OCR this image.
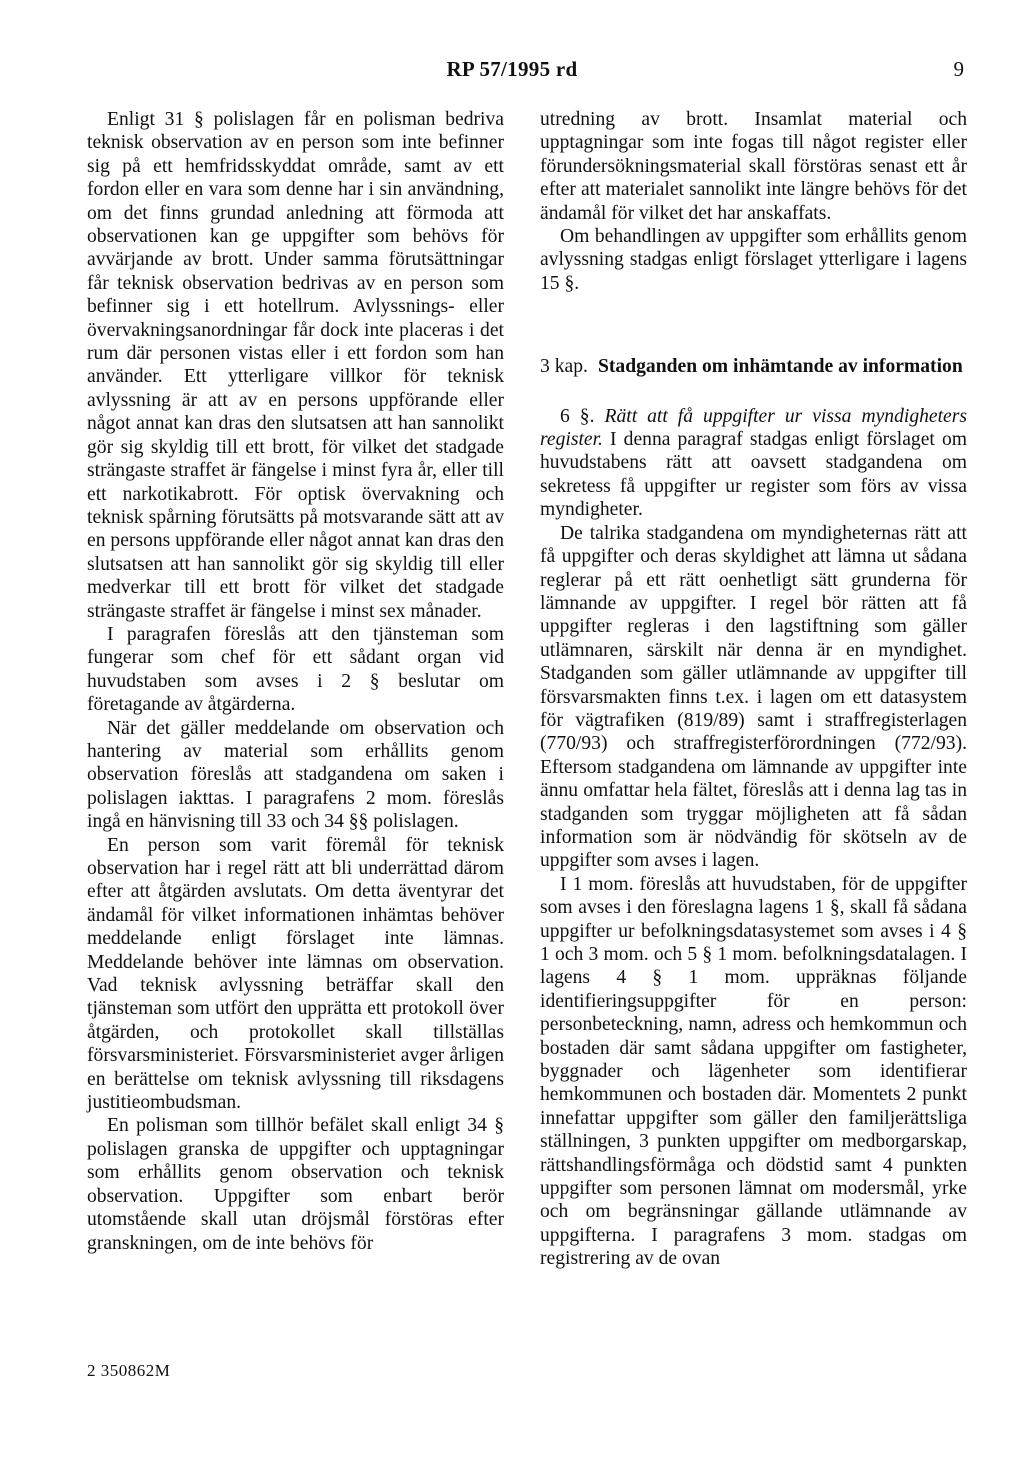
RP 57/1995 rd	9

Enligt 31 § polislagen får en polisman bedriva teknisk observation av en person som inte befinner sig på ett hemfridsskyddat område, samt av ett fordon eller en vara som denne har i sin användning, om det finns grundad anledning att förmoda att observationen kan ge uppgifter som behövs för avvärjande av brott. Under samma förutsättningar får teknisk observation bedrivas av en person som befinner sig i ett hotellrum. Avlyssnings- eller övervakningsanordningar får dock inte placeras i det rum där personen vistas eller i ett fordon som han använder. Ett ytterligare villkor för teknisk avlyssning är att av en persons uppförande eller något annat kan dras den slutsatsen att han sannolikt gör sig skyldig till ett brott, för vilket det stadgade strängaste straffet är fängelse i minst fyra år, eller till ett narkotikabrott. För optisk övervakning och teknisk spårning förutsätts på motsvarande sätt att av en persons uppförande eller något annat kan dras den slutsatsen att han sannolikt gör sig skyldig till eller medverkar till ett brott för vilket det stadgade strängaste straffet är fängelse i minst sex månader.

I paragrafen föreslås att den tjänsteman som fungerar som chef för ett sådant organ vid huvudstaben som avses i 2 § beslutar om företagande av åtgärderna.

När det gäller meddelande om observation och hantering av material som erhållits genom observation föreslås att stadgandena om saken i polislagen iakttas. I paragrafens 2 mom. föreslås ingå en hänvisning till 33 och 34 §§ polislagen.

En person som varit föremål för teknisk observation har i regel rätt att bli underrättad därom efter att åtgärden avslutats. Om detta äventyrar det ändamål för vilket informationen inhämtas behöver meddelande enligt förslaget inte lämnas. Meddelande behöver inte lämnas om observation. Vad teknisk avlyssning beträffar skall den tjänsteman som utfört den upprätta ett protokoll över åtgärden, och protokollet skall tillställas försvarsministeriet. Försvarsministeriet avger årligen en berättelse om teknisk avlyssning till riksdagens justitieombudsman.

En polisman som tillhör befälet skall enligt 34 § polislagen granska de uppgifter och upptagningar som erhållits genom observation och teknisk observation. Uppgifter som enbart berör utomstående skall utan dröjsmål förstöras efter granskningen, om de inte behövs för

utredning av brott. Insamlat material och upptagningar som inte fogas till något register eller förundersökningsmaterial skall förstöras senast ett år efter att materialet sannolikt inte längre behövs för det ändamål för vilket det har anskaffats.

Om behandlingen av uppgifter som erhållits genom avlyssning stadgas enligt förslaget ytterligare i lagens 15 §.

3 kap. Stadganden om inhämtande av information

6 §. Rätt att få uppgifter ur vissa myndigheters register. I denna paragraf stadgas enligt förslaget om huvudstabens rätt att oavsett stadgandena om sekretess få uppgifter ur register som förs av vissa myndigheter.

De talrika stadgandena om myndigheternas rätt att få uppgifter och deras skyldighet att lämna ut sådana reglerar på ett rätt oenhetligt sätt grunderna för lämnande av uppgifter. I regel bör rätten att få uppgifter regleras i den lagstiftning som gäller utlämnaren, särskilt när denna är en myndighet. Stadganden som gäller utlämnande av uppgifter till försvarsmakten finns t.ex. i lagen om ett datasystem för vägtrafiken (819/89) samt i straffregisterlagen (770/93) och straffregisterförordningen (772/93). Eftersom stadgandena om lämnande av uppgifter inte ännu omfattar hela fältet, föreslås att i denna lag tas in stadganden som tryggar möjligheten att få sådan information som är nödvändig för skötseln av de uppgifter som avses i lagen.

I 1 mom. föreslås att huvudstaben, för de uppgifter som avses i den föreslagna lagens 1 §, skall få sådana uppgifter ur befolkningsdatasystemet som avses i 4 § 1 och 3 mom. och 5 § 1 mom. befolkningsdatalagen. I lagens 4 § 1 mom. uppräknas följande identifieringsuppgifter för en person: personbeteckning, namn, adress och hemkommun och bostaden där samt sådana uppgifter om fastigheter, byggnader och lägenheter som identifierar hemkommunen och bostaden där. Momentets 2 punkt innefattar uppgifter som gäller den familjerättsliga ställningen, 3 punkten uppgifter om medborgarskap, rättshandlingsförmåga och dödstid samt 4 punkten uppgifter som personen lämnat om modersmål, yrke och om begränsningar gällande utlämnande av uppgifterna. I paragrafens 3 mom. stadgas om registrering av de ovan

2 350862M
